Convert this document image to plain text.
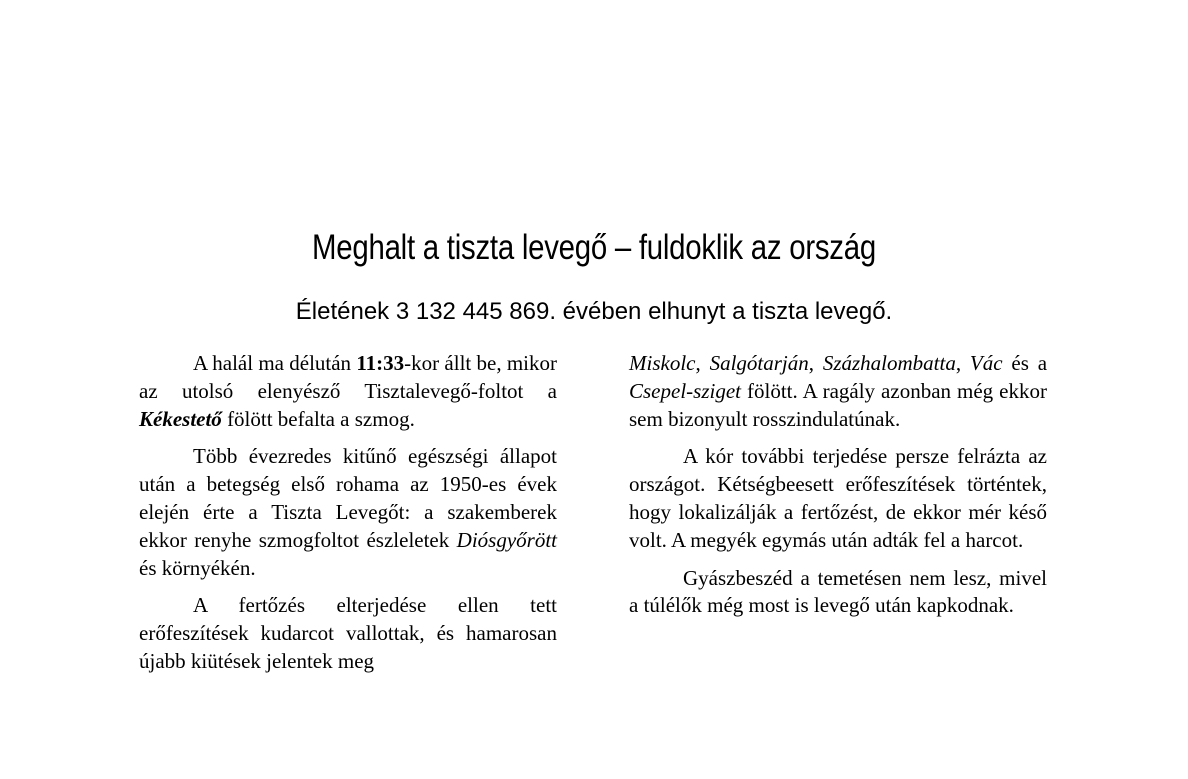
Meghalt a tiszta levegő – fuldoklik az ország
Életének 3 132 445 869. évében elhunyt a tiszta levegő.

A halál ma délután 11:33-kor állt be, mikor az utolsó elenyésző Tisztalevegő-foltot a Kékestető fölött befalta a szmog.

Több évezredes kitűnő egészségi állapot után a betegség első rohama az 1950-es évek elején érte a Tiszta Levegőt: a szakemberek ekkor renyhe szmogfoltot észleletek Diósgyőrött és környékén.

A fertőzés elterjedése ellen tett erőfeszítések kudarcot vallottak, és hamarosan újabb kiütések jelentek meg

Miskolc, Salgótarján, Százhalombatta, Vác és a Csepel-sziget fölött. A ragály azonban még ekkor sem bizonyult rosszindulatúnak.

A kór további terjedése persze felrázta az országot. Kétségbeesett erőfeszítések történtek, hogy lokalizálják a fertőzést, de ekkor mér késő volt. A megyék egymás után adták fel a harcot.

Gyászbeszéd a temetésen nem lesz, mivel a túlélők még most is levegő után kapkodnak.
